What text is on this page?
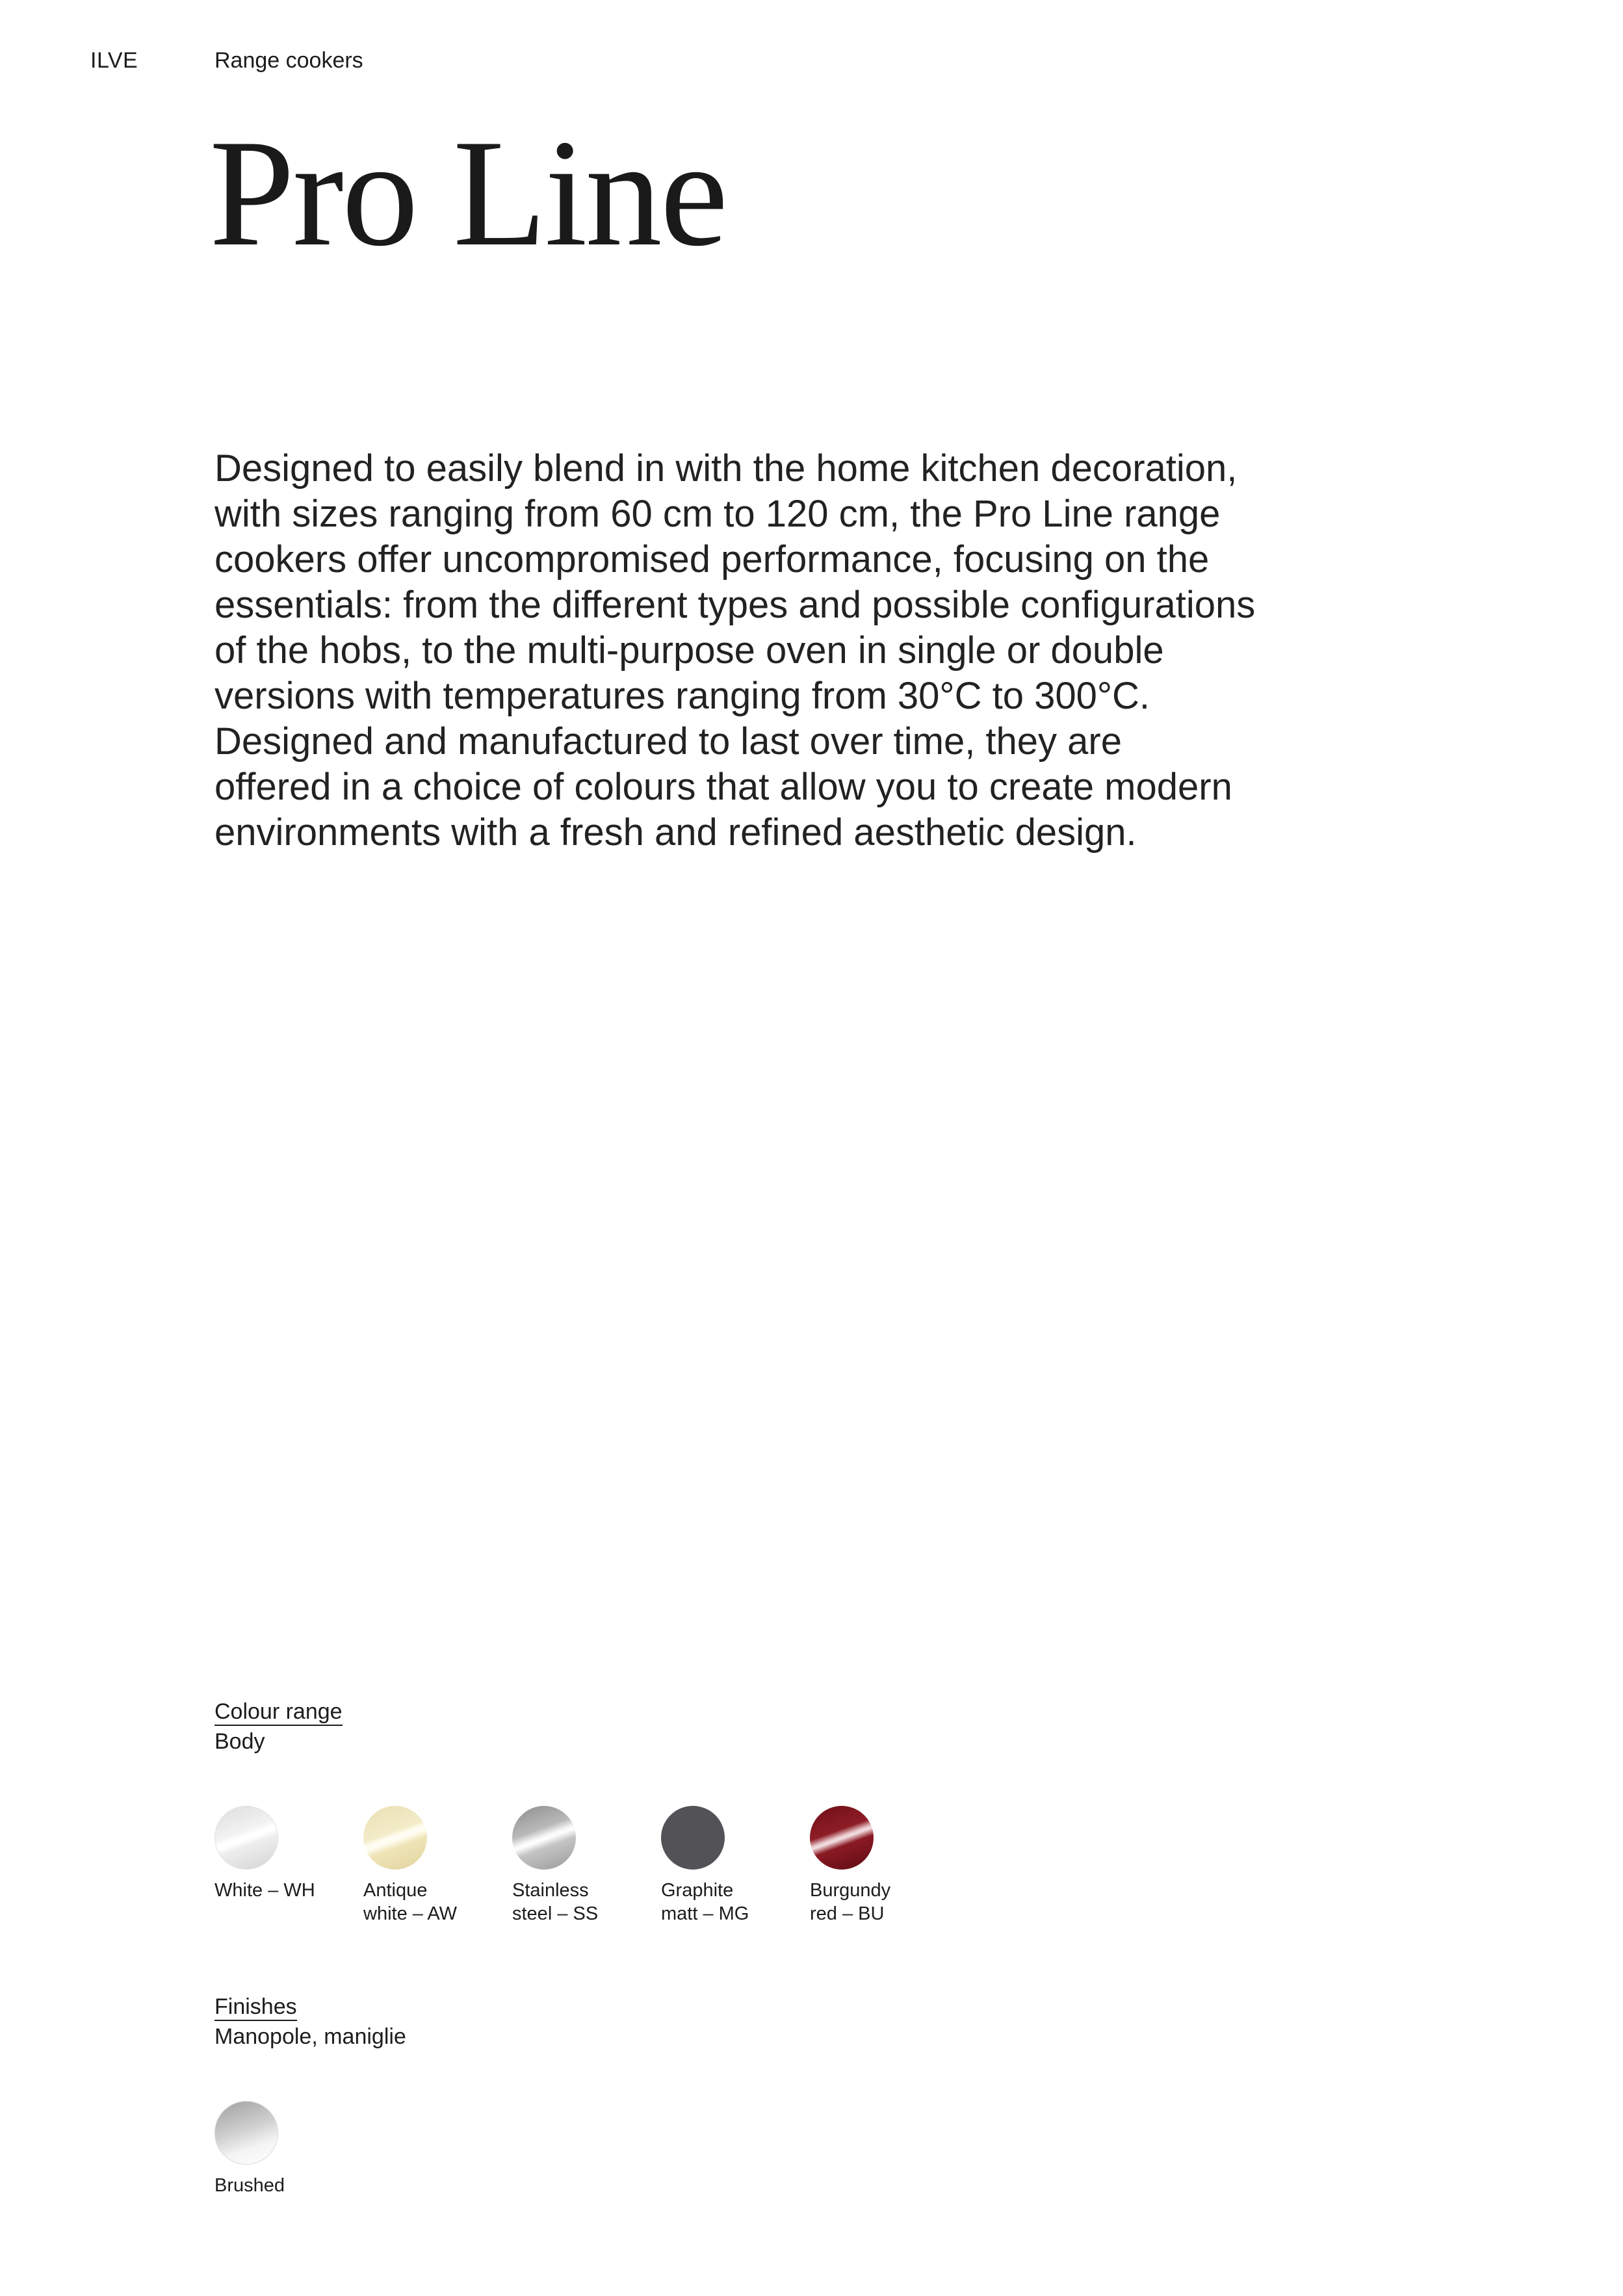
ILVE	Range cookers
Pro Line

Designed to easily blend in with the home kitchen decoration,
with sizes ranging from 60 cm to 120 cm, the Pro Line range
cookers offer uncompromised performance, focusing on the
essentials: from the different types and possible configurations
of the hobs, to the multi-purpose oven in single or double
versions with temperatures ranging from 30°C to 300°C.
Designed and manufactured to last over time, they are
offered in a choice of colours that allow you to create modern
environments with a fresh and refined aesthetic design.

Colour range
Body
White – WH	Antique
white – AW
Stainless
steel – SS
Graphite
matt – MG
Burgundy
red – BU
Finishes
Manopole, maniglie
Brushed
